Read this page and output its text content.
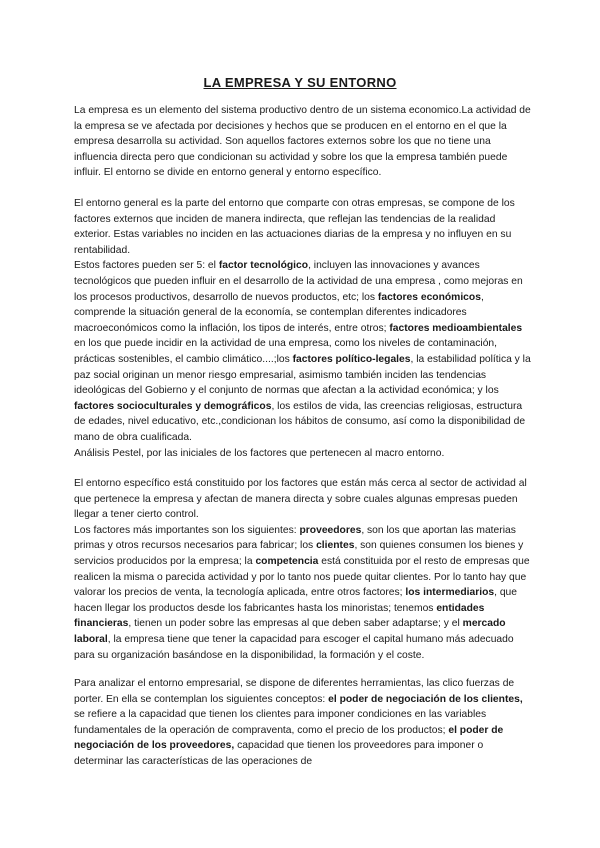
LA EMPRESA Y SU ENTORNO

La empresa es un elemento del sistema productivo dentro de un sistema economico.La actividad de la empresa se ve afectada por decisiones y hechos que se producen en el entorno en el que la empresa desarrolla su actividad. Son aquellos factores externos sobre los que no tiene una influencia directa pero que condicionan su actividad y sobre los que la empresa también puede influir. El entorno se divide en entorno general y entorno específico.

El entorno general es la parte del entorno que comparte con otras empresas, se compone de los factores externos que inciden de manera indirecta, que reflejan las tendencias de la realidad exterior. Estas variables no inciden en las actuaciones diarias de la empresa y no influyen en su rentabilidad.

Estos factores pueden ser 5: el factor tecnológico, incluyen las innovaciones y avances tecnológicos que pueden influir en el desarrollo de la actividad de una empresa , como mejoras en los procesos productivos, desarrollo de nuevos productos, etc; los factores económicos, comprende la situación general de la economía, se contemplan diferentes indicadores macroeconómicos como la inflación, los tipos de interés, entre otros; factores medioambientales en los que puede incidir en la actividad de una empresa, como los niveles de contaminación, prácticas sostenibles, el cambio climático....;los factores político-legales, la estabilidad política y la paz social originan un menor riesgo empresarial, asimismo también inciden las tendencias ideológicas del Gobierno y el conjunto de normas que afectan a la actividad económica; y los factores socioculturales y demográficos, los estilos de vida, las creencias religiosas, estructura de edades, nivel educativo, etc.,condicionan los hábitos de consumo, así como la disponibilidad de mano de obra cualificada.

Análisis Pestel, por las iniciales de los factores que pertenecen al macro entorno.

El entorno específico está constituido por los factores que están más cerca al sector de actividad al que pertenece la empresa y afectan de manera directa y sobre cuales algunas empresas pueden llegar a tener cierto control.

Los factores más importantes son los siguientes: proveedores, son los que aportan las materias primas y otros recursos necesarios para fabricar; los clientes, son quienes consumen los bienes y servicios producidos por la empresa; la competencia está constituida por el resto de empresas que realicen la misma o parecida actividad y por lo tanto nos puede quitar clientes. Por lo tanto hay que valorar los precios de venta, la tecnología aplicada, entre otros factores; los intermediarios, que hacen llegar los productos desde los fabricantes hasta los minoristas; tenemos entidades financieras, tienen un poder sobre las empresas al que deben saber adaptarse; y el mercado laboral, la empresa tiene que tener la capacidad para escoger el capital humano más adecuado para su organización basándose en la disponibilidad, la formación y el coste.

Para analizar el entorno empresarial, se dispone de diferentes herramientas, las clico fuerzas de porter. En ella se contemplan los siguientes conceptos: el poder de negociación de los clientes, se refiere a la capacidad que tienen los clientes para imponer condiciones en las variables fundamentales de la operación de compraventa, como el precio de los productos; el poder de negociación de los proveedores, capacidad que tienen los proveedores para imponer o determinar las características de las operaciones de
